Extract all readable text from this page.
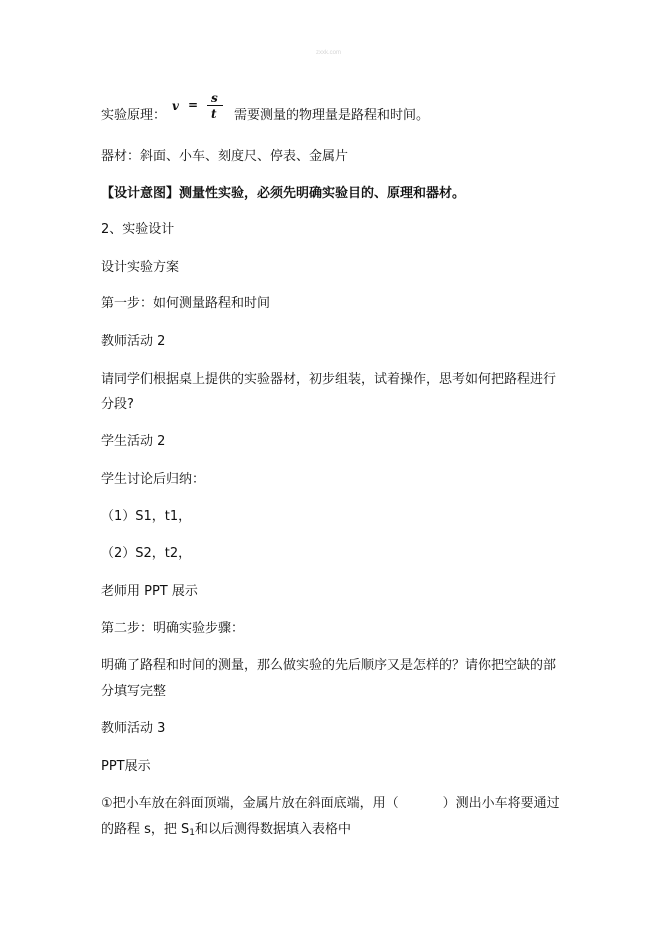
zxxk.com
实验原理：
v = s
t 需要测量的物理量是路程和时间。
器材：斜面、小车、刻度尺、停表、金属片
【设计意图】测量性实验，必须先明确实验目的、原理和器材。
2、实验设计
设计实验方案
第一步：如何测量路程和时间
教师活动 2
请同学们根据桌上提供的实验器材，初步组装，试着操作，思考如何把路程进行
分段?
学生活动 2
学生讨论后归纳：
（1）S1，t1，
（2）S2，t2，
老师用 PPT 展示
第二步：明确实验步骤：
明确了路程和时间的测量，那么做实验的先后顺序又是怎样的？请你把空缺的部
分填写完整
教师活动 3
PPT展示
①把小车放在斜面顶端，金属片放在斜面底端，用（	）测出小车将要通过
的路程 s，把 $S_1$和以后测得数据填入表格中
